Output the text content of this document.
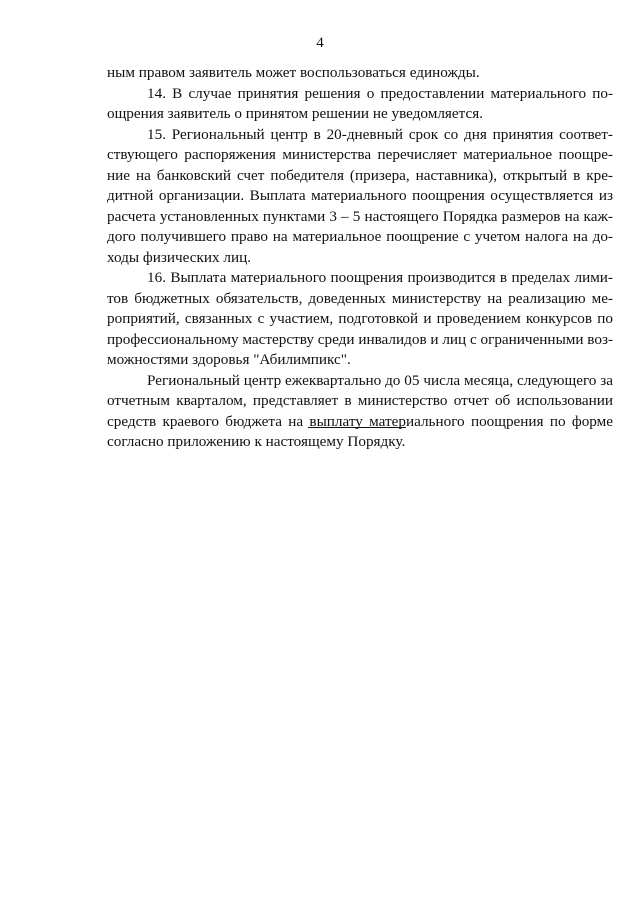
4
ным правом заявитель может воспользоваться единожды.
14. В случае принятия решения о предоставлении материального по-
ощрения заявитель о принятом решении не уведомляется.
15. Региональный центр в 20-дневный срок со дня принятия соответ-
ствующего распоряжения министерства перечисляет материальное поощре-
ние на банковский счет победителя (призера, наставника), открытый в кре-
дитной организации. Выплата материального поощрения осуществляется из
расчета установленных пунктами 3 – 5 настоящего Порядка размеров на каж-
дого получившего право на материальное поощрение с учетом налога на до-
ходы физических лиц.
16. Выплата материального поощрения производится в пределах лими-
тов бюджетных обязательств, доведенных министерству на реализацию ме-
роприятий, связанных с участием, подготовкой и проведением конкурсов по
профессиональному мастерству среди инвалидов и лиц с ограниченными воз-
можностями здоровья "Абилимпикс".
Региональный центр ежеквартально до 05 числа месяца, следующего за
отчетным кварталом, представляет в министерство отчет об использовании
средств краевого бюджета на выплату материального поощрения по форме
согласно приложению к настоящему Порядку.
